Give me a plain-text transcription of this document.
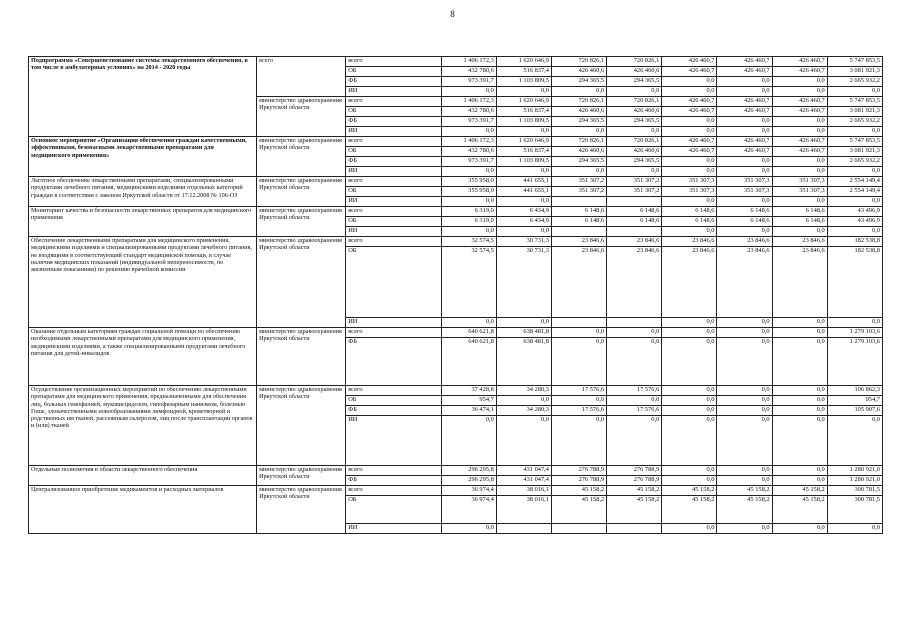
8
Подпрограмма «Совершенствование системы лекарственного обеспечения, в том числе в амбулаторных условиях» на 2014 - 2020 годы	всего	всего	1 406 172,3	1 620 646,9	720 826,1	720 826,1	426 460,7	426 460,7	426 460,7	5 747 853,5
		ОБ	432 780,6	516 837,4	426 460,6	426 460,6	426 460,7	426 460,7	426 460,7	3 081 921,3
		ФБ	973 391,7	1 103 809,5	294 365,5	294 365,5	0,0	0,0	0,0	2 665 932,2
		ИИ	0,0	0,0	0,0	0,0	0,0	0,0	0,0	0,0
	министерство здравоохранения Иркутской области	всего	1 406 172,3	1 620 646,9	720 826,1	720 826,1	426 460,7	426 460,7	426 460,7	5 747 853,5
		ОБ	432 780,6	516 837,4	426 460,6	426 460,6	426 460,7	426 460,7	426 460,7	3 081 921,3
		ФБ	973 391,7	1 103 809,5	294 365,5	294 365,5	0,0	0,0	0,0	2 665 932,2
		ИИ	0,0	0,0	0,0	0,0	0,0	0,0	0,0	0,0
Основное мероприятие «Организация обеспечения граждан качественными, эффективными, безопасными лекарственными препаратами для медицинского применения»	министерство здравоохранения Иркутской области	всего	1 406 172,3	1 620 646,9	720 826,1	720 826,1	426 460,7	426 460,7	426 460,7	5 747 853,5
		ОБ	432 780,6	516 837,4	426 460,6	426 460,6	426 460,7	426 460,7	426 460,7	3 081 921,3
		ФБ	973 391,7	1 103 809,5	294 365,5	294 365,5	0,0	0,0	0,0	2 665 932,2
		ИИ	0,0	0,0	0,0	0,0	0,0	0,0	0,0	0,0
Льготное обеспечение лекарственными препаратами, специализированными продуктами лечебного питания, медицинскими изделиями отдельных категорий граждан в соответствии с законом Иркутской области от 17.12.2008 № 106-ОЗ	министерство здравоохранения Иркутской области	всего	355 958,0	441 655,1	351 307,2	351 307,2	351 307,3	351 307,3	351 307,3	2 554 149,4
		ОБ	355 958,0	441 655,1	351 307,2	351 307,2	351 307,3	351 307,3	351 307,3	2 554 149,4
		ИИ	0,0	0,0			0,0	0,0	0,0	0,0
Мониторинг качества и безопасности лекарственных препаратов для медицинского применения	министерство здравоохранения Иркутской области	всего	6 319,0	6 434,9	6 148,6	6 148,6	6 148,6	6 148,6	6 148,6	43 496,9
		ОБ	6 319,0	6 434,9	6 148,6	6 148,6	6 148,6	6 148,6	6 148,6	43 496,9
		ИИ	0,0	0,0			0,0	0,0	0,0	0,0
Обеспечение лекарственными препаратами для медицинского применения, медицинскими изделиями и специализированными продуктами лечебного питания, не входящими в соответствующий стандарт медицинской помощи, в случае наличия медицинских показаний (индивидуальной непереносимости, по жизненным показаниям) по решению врачебной комиссии	министерство здравоохранения Иркутской области	всего	32 574,5	30 731,3	23 846,6	23 846,6	23 846,6	23 846,6	23 846,6	182 538,8
		ОБ	32 574,5	30 731,3	23 846,6	23 846,6	23 846,6	23 846,6	23 846,6	182 538,8
		ИИ	0,0	0,0			0,0	0,0	0,0	0,0
Оказание отдельным категориям граждан социальной помощи по обеспечению необходимыми лекарственными препаратами для медицинского применения, медицинскими изделиями, а также специализированными продуктами лечебного питания для детей-инвалидов	министерство здравоохранения Иркутской области	всего	640 621,8	638 481,8	0,0	0,0	0,0	0,0	0,0	1 279 103,6
		ФБ	640 621,8	638 481,8	0,0	0,0	0,0	0,0	0,0	1 279 103,6
Осуществление организационных мероприятий по обеспечению лекарственными препаратами для медицинского применения, предназначенными для обеспечения лиц, больных гемофилией, муковисцидозом, гипофизарным нанизмом, болезнью Гоше, злокачественными новообразованиями лимфоидной, кроветворной и родственных им тканей, рассеянным склерозом, лиц после трансплантации органов и (или) тканей	министерство здравоохранения Иркутской области	всего	37 428,8	34 280,3	17 576,6	17 576,6	0,0	0,0	0,0	106 862,3
		ОБ	954,7	0,0	0,0	0,0	0,0	0,0	0,0	954,7
		ФБ	36 474,1	34 280,3	17 576,6	17 576,6	0,0	0,0	0,0	105 907,6
		ИИ	0,0	0,0	0,0	0,0	0,0	0,0	0,0	0,0
Отдельные полномочия в области лекарственного обеспечения	министерство здравоохранения Иркутской области	всего	296 295,8	431 047,4	276 788,9	276 788,9	0,0	0,0	0,0	1 280 921,0
		ФБ	296 295,8	431 047,4	276 788,9	276 788,9	0,0	0,0	0,0	1 280 921,0
Централизованное приобретение медикаментов и расходных материалов	министерство здравоохранения Иркутской области	всего	36 974,4	38 016,1	45 158,2	45 158,2	45 158,2	45 158,2	45 158,2	300 781,5
		ОБ	36 974,4	38 016,1	45 158,2	45 158,2	45 158,2	45 158,2	45 158,2	300 781,5
		ИИ	0,0				0,0	0,0	0,0	0,0
